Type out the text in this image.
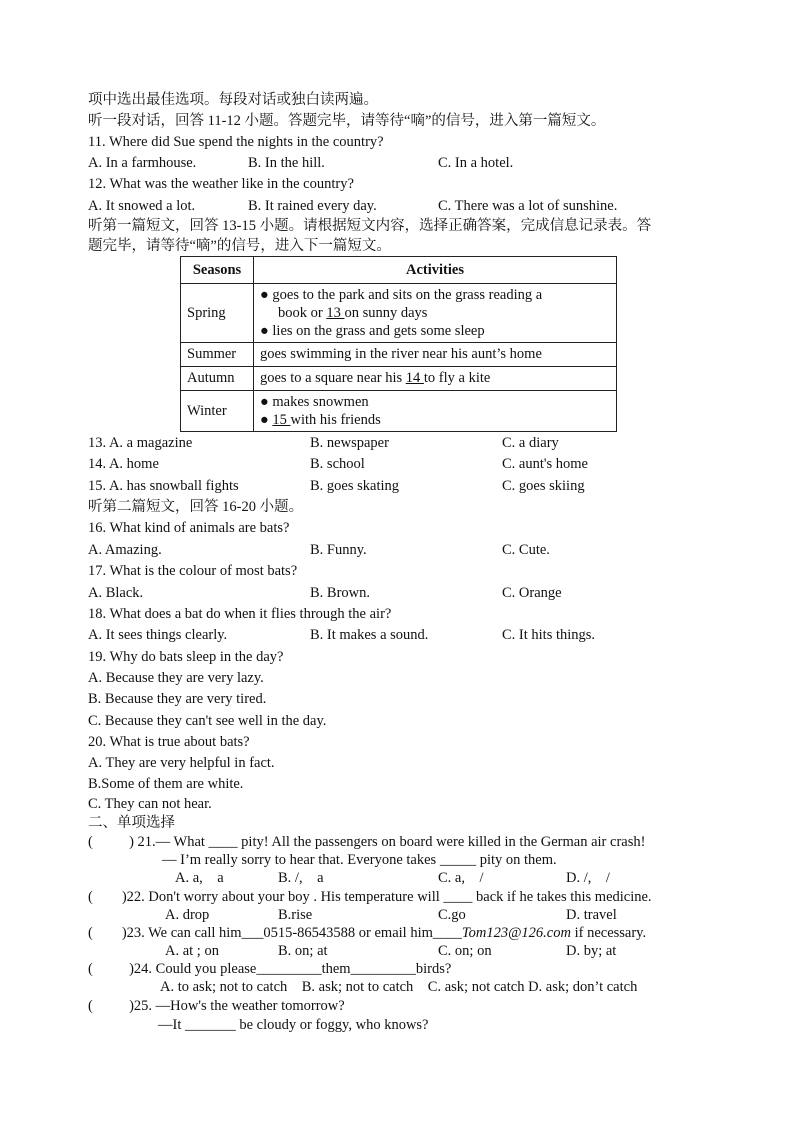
项中选出最佳选项。每段对话或独白读两遍。
听一段对话，回答 11-12 小题。答题完毕，请等待“嘀”的信号，进入第一篇短文。
11. Where did Sue spend the nights in the country?
A. In a farmhouse.	B. In the hill.	C. In a hotel.
12. What was the weather like in the country?
A. It snowed a lot.	B. It rained every day.	C. There was a lot of sunshine.
听第一篇短文，回答 13-15 小题。请根据短文内容，选择正确答案，完成信息记录表。答
题完毕，请等待“嘀”的信号，进入下一篇短文。
Seasons	Activities
Spring	● goes to the park and sits on the grass reading a

book or 13 on sunny days

● lies on the grass and gets some sleep

Summer	goes swimming in the river near his aunt’s home
Autumn	goes to a square near his 14 to fly a kite
Winter	● makes snowmen

● 15 with his friends

13. A. a magazine	B. newspaper	C. a diary
14. A. home	B. school	C. aunt's home
15. A. has snowball fights	B. goes skating	C. goes skiing
听第二篇短文，回答 16-20 小题。
16. What kind of animals are bats?
A. Amazing.	B. Funny.	C. Cute.
17. What is the colour of most bats?
A. Black.	B. Brown.	C. Orange
18. What does a bat do when it flies through the air?
A. It sees things clearly.	B. It makes a sound.	C. It hits things.
19. Why do bats sleep in the day?
A. Because they are very lazy.
B. Because they are very tired.
C. Because they can't see well in the day.
20. What is true about bats?
A. They are very helpful in fact.
B.Some of them are white.
C. They can not hear.
二、单项选择
(          ) 21.— What ____ pity! All the passengers on board were killed in the German air crash!
— I’m really sorry to hear that. Everyone takes _____ pity on them.
A. a,    a	B. /,    a	C. a,    /	D. /,    /
(        )22. Don't worry about your boy . His temperature will ____ back if he takes this medicine.
A. drop	B.rise	C.go	D. travel
(        )23. We can call him___0515-86543588 or email him____Tom123@126.com if necessary.
A. at ; on	B. on; at	C. on; on	D. by; at
(          )24. Could you please_________them_________birds?
A. to ask; not to catch    B. ask; not to catch    C. ask; not catch D. ask; don’t catch
(          )25. —How's the weather tomorrow?
—It _______ be cloudy or foggy, who knows?
